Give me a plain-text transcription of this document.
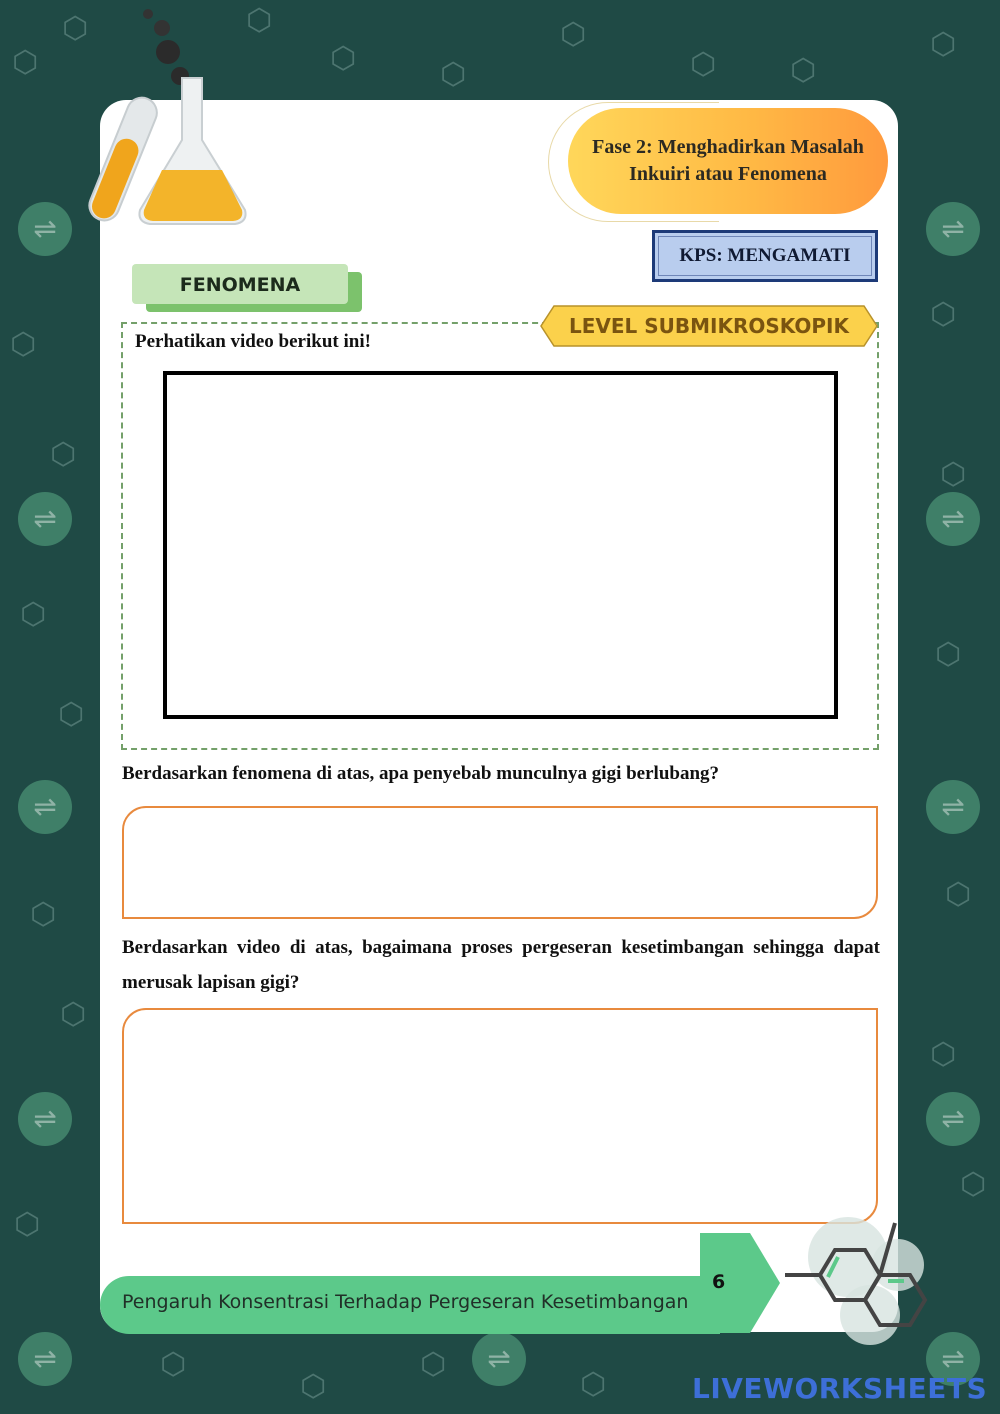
⬡
⬡	⬡
⬡	⬡
⬡
⬡ ⬡
⬡
⬡
⬡
⬡
⬡
⬡
⬡
⬡
⬡
⬡
⬡
⬡
⬡
⬡
⬡
⬡
⬡
⬡
⇌
⇌
⇌
⇌
⇌
⇌
⇌
⇌
⇌
⇌
⇌
Fase 2: Menghadirkan Masalah
Inkuiri atau Fenomena
KPS: MENGAMATI
FENOMENA
LEVEL SUBMIKROSKOPIK
Perhatikan video berikut ini!
Berdasarkan fenomena di atas, apa penyebab munculnya gigi berlubang?
Berdasarkan video di atas, bagaimana proses pergeseran kesetimbangan sehingga dapat merusak lapisan gigi?
Pengaruh Konsentrasi Terhadap Pergeseran Kesetimbangan
6
LIVEWORKSHEETS
